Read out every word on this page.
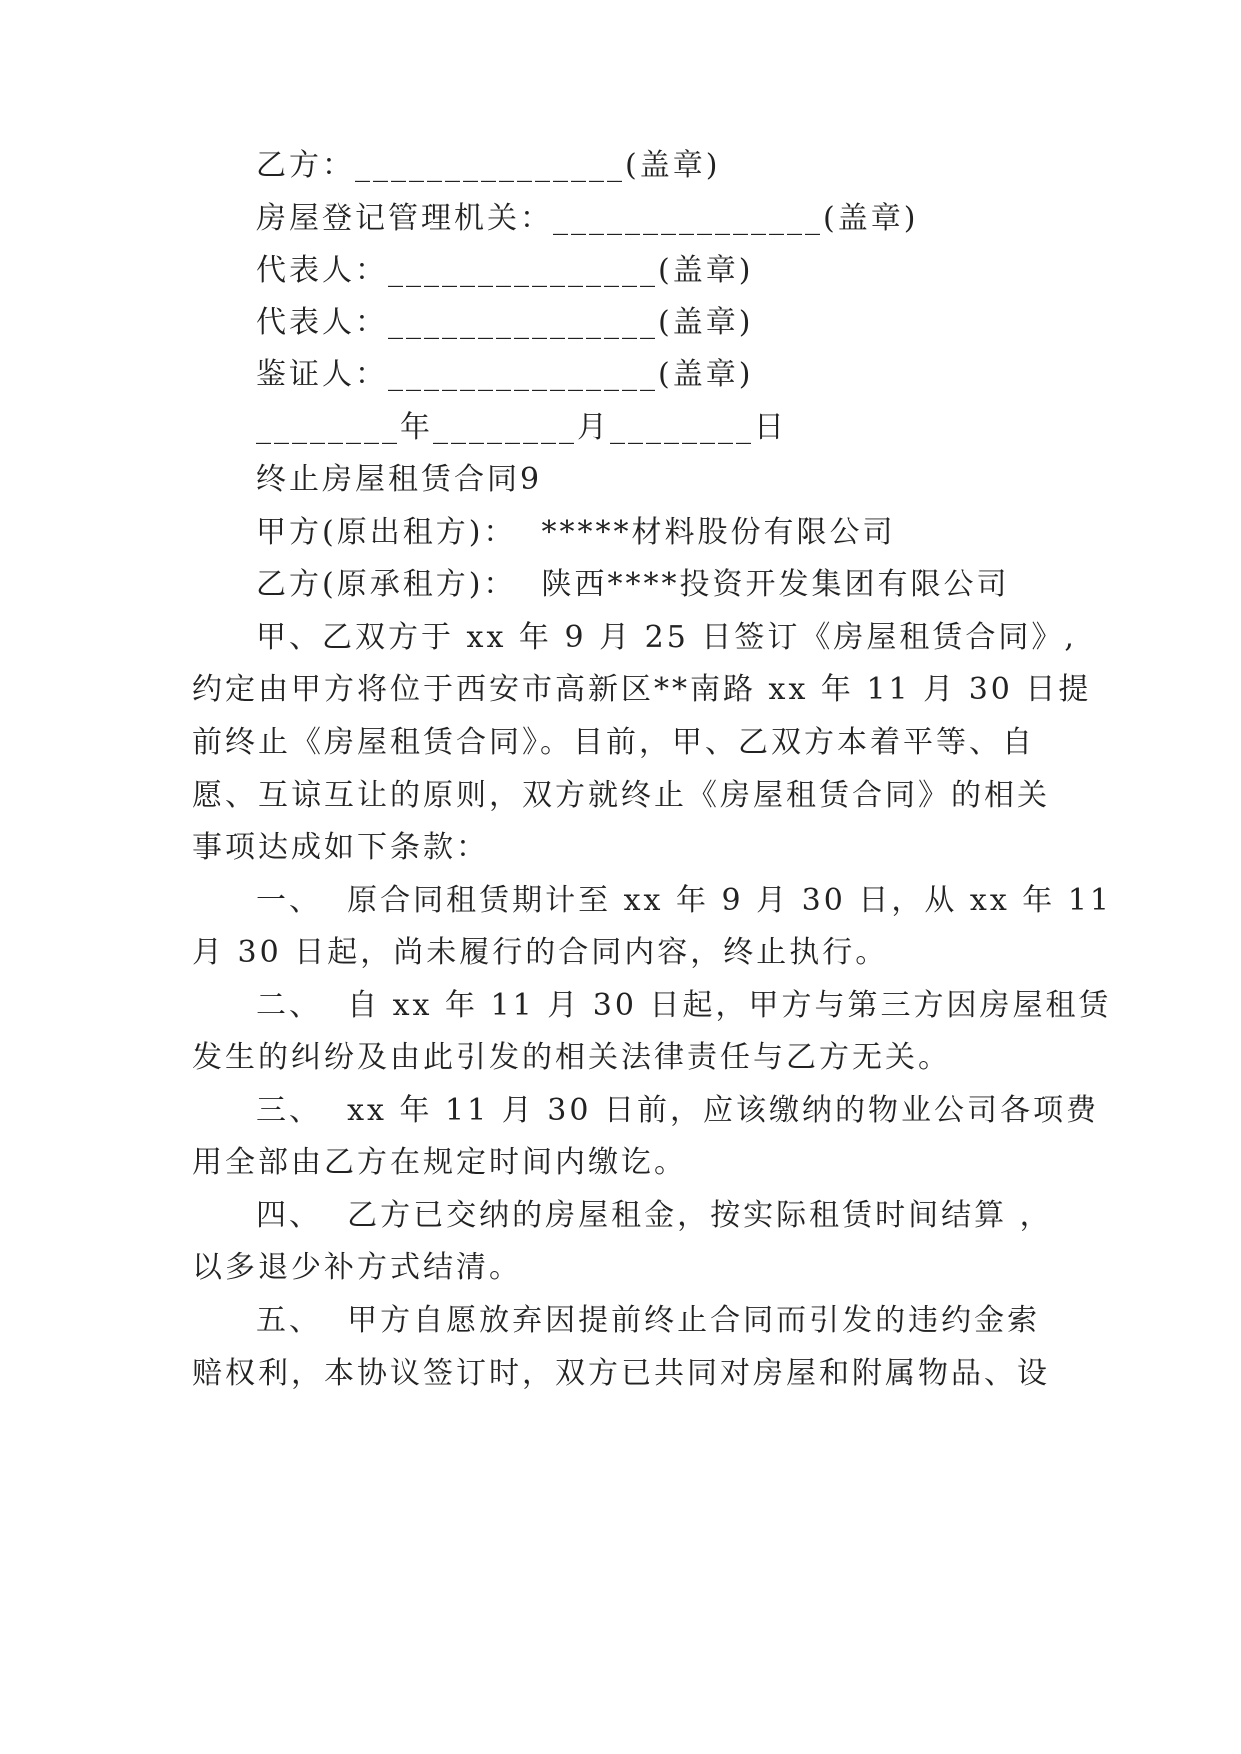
乙方：_______________(盖章)
房屋登记管理机关：_______________(盖章)
代表人：_______________(盖章)
代表人：_______________(盖章)
鉴证人：_______________(盖章)
________年________月________日
终止房屋租赁合同9
甲方(原出租方)：  *****材料股份有限公司
乙方(原承租方)：  陕西****投资开发集团有限公司
甲、乙双方于 xx 年 9 月 25 日签订《房屋租赁合同》,
约定由甲方将位于西安市高新区**南路 xx 年 11 月 30 日提
前终止《房屋租赁合同》。目前，甲、乙双方本着平等、自
愿、互谅互让的原则，双方就终止《房屋租赁合同》的相关
事项达成如下条款：
一、  原合同租赁期计至 xx 年 9 月 30 日，从 xx 年 11
月 30 日起，尚未履行的合同内容，终止执行。
二、  自 xx 年 11 月 30 日起，甲方与第三方因房屋租赁
发生的纠纷及由此引发的相关法律责任与乙方无关。
三、  xx 年 11 月 30 日前，应该缴纳的物业公司各项费
用全部由乙方在规定时间内缴讫。
四、  乙方已交纳的房屋租金，按实际租赁时间结算 ，
以多退少补方式结清。
五、  甲方自愿放弃因提前终止合同而引发的违约金索
赔权利，本协议签订时，双方已共同对房屋和附属物品、设
